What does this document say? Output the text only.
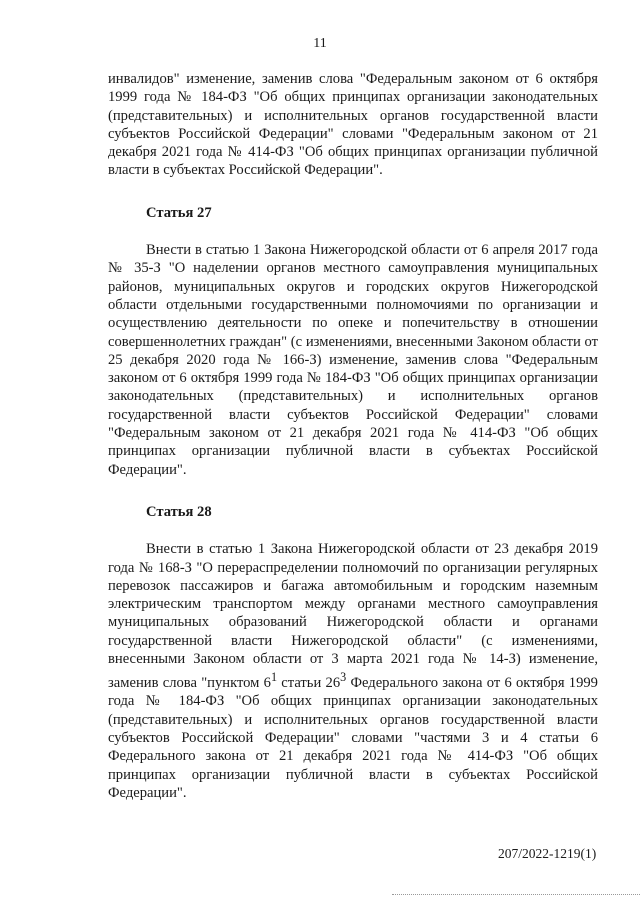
11

инвалидов" изменение, заменив слова "Федеральным законом от 6 октября 1999 года № 184-ФЗ "Об общих принципах организации законодательных (представительных) и исполнительных органов государственной власти субъектов Российской Федерации" словами "Федеральным законом от 21 декабря 2021 года № 414-ФЗ "Об общих принципах организации публичной власти в субъектах Российской Федерации".

Статья 27

Внести в статью 1 Закона Нижегородской области от 6 апреля 2017 года № 35-З "О наделении органов местного самоуправления муниципальных районов, муниципальных округов и городских округов Нижегородской области отдельными государственными полномочиями по организации и осуществлению деятельности по опеке и попечительству в отношении совершеннолетних граждан" (с изменениями, внесенными Законом области от 25 декабря 2020 года № 166-З) изменение, заменив слова "Федеральным законом от 6 октября 1999 года № 184-ФЗ "Об общих принципах организации законодательных (представительных) и исполнительных органов государственной власти субъектов Российской Федерации" словами "Федеральным законом от 21 декабря 2021 года № 414-ФЗ "Об общих принципах организации публичной власти в субъектах Российской Федерации".

Статья 28

Внести в статью 1 Закона Нижегородской области от 23 декабря 2019 года № 168-З "О перераспределении полномочий по организации регулярных перевозок пассажиров и багажа автомобильным и городским наземным электрическим транспортом между органами местного самоуправления муниципальных образований Нижегородской области и органами государственной власти Нижегородской области" (с изменениями, внесенными Законом области от 3 марта 2021 года № 14-З) изменение, заменив слова "пунктом $6^1$ статьи $26^3$ Федерального закона от 6 октября 1999 года № 184-ФЗ "Об общих принципах организации законодательных (представительных) и исполнительных органов государственной власти субъектов Российской Федерации" словами "частями 3 и 4 статьи 6 Федерального закона от 21 декабря 2021 года № 414-ФЗ "Об общих принципах организации публичной власти в субъектах Российской Федерации".

207/2022-1219(1)
